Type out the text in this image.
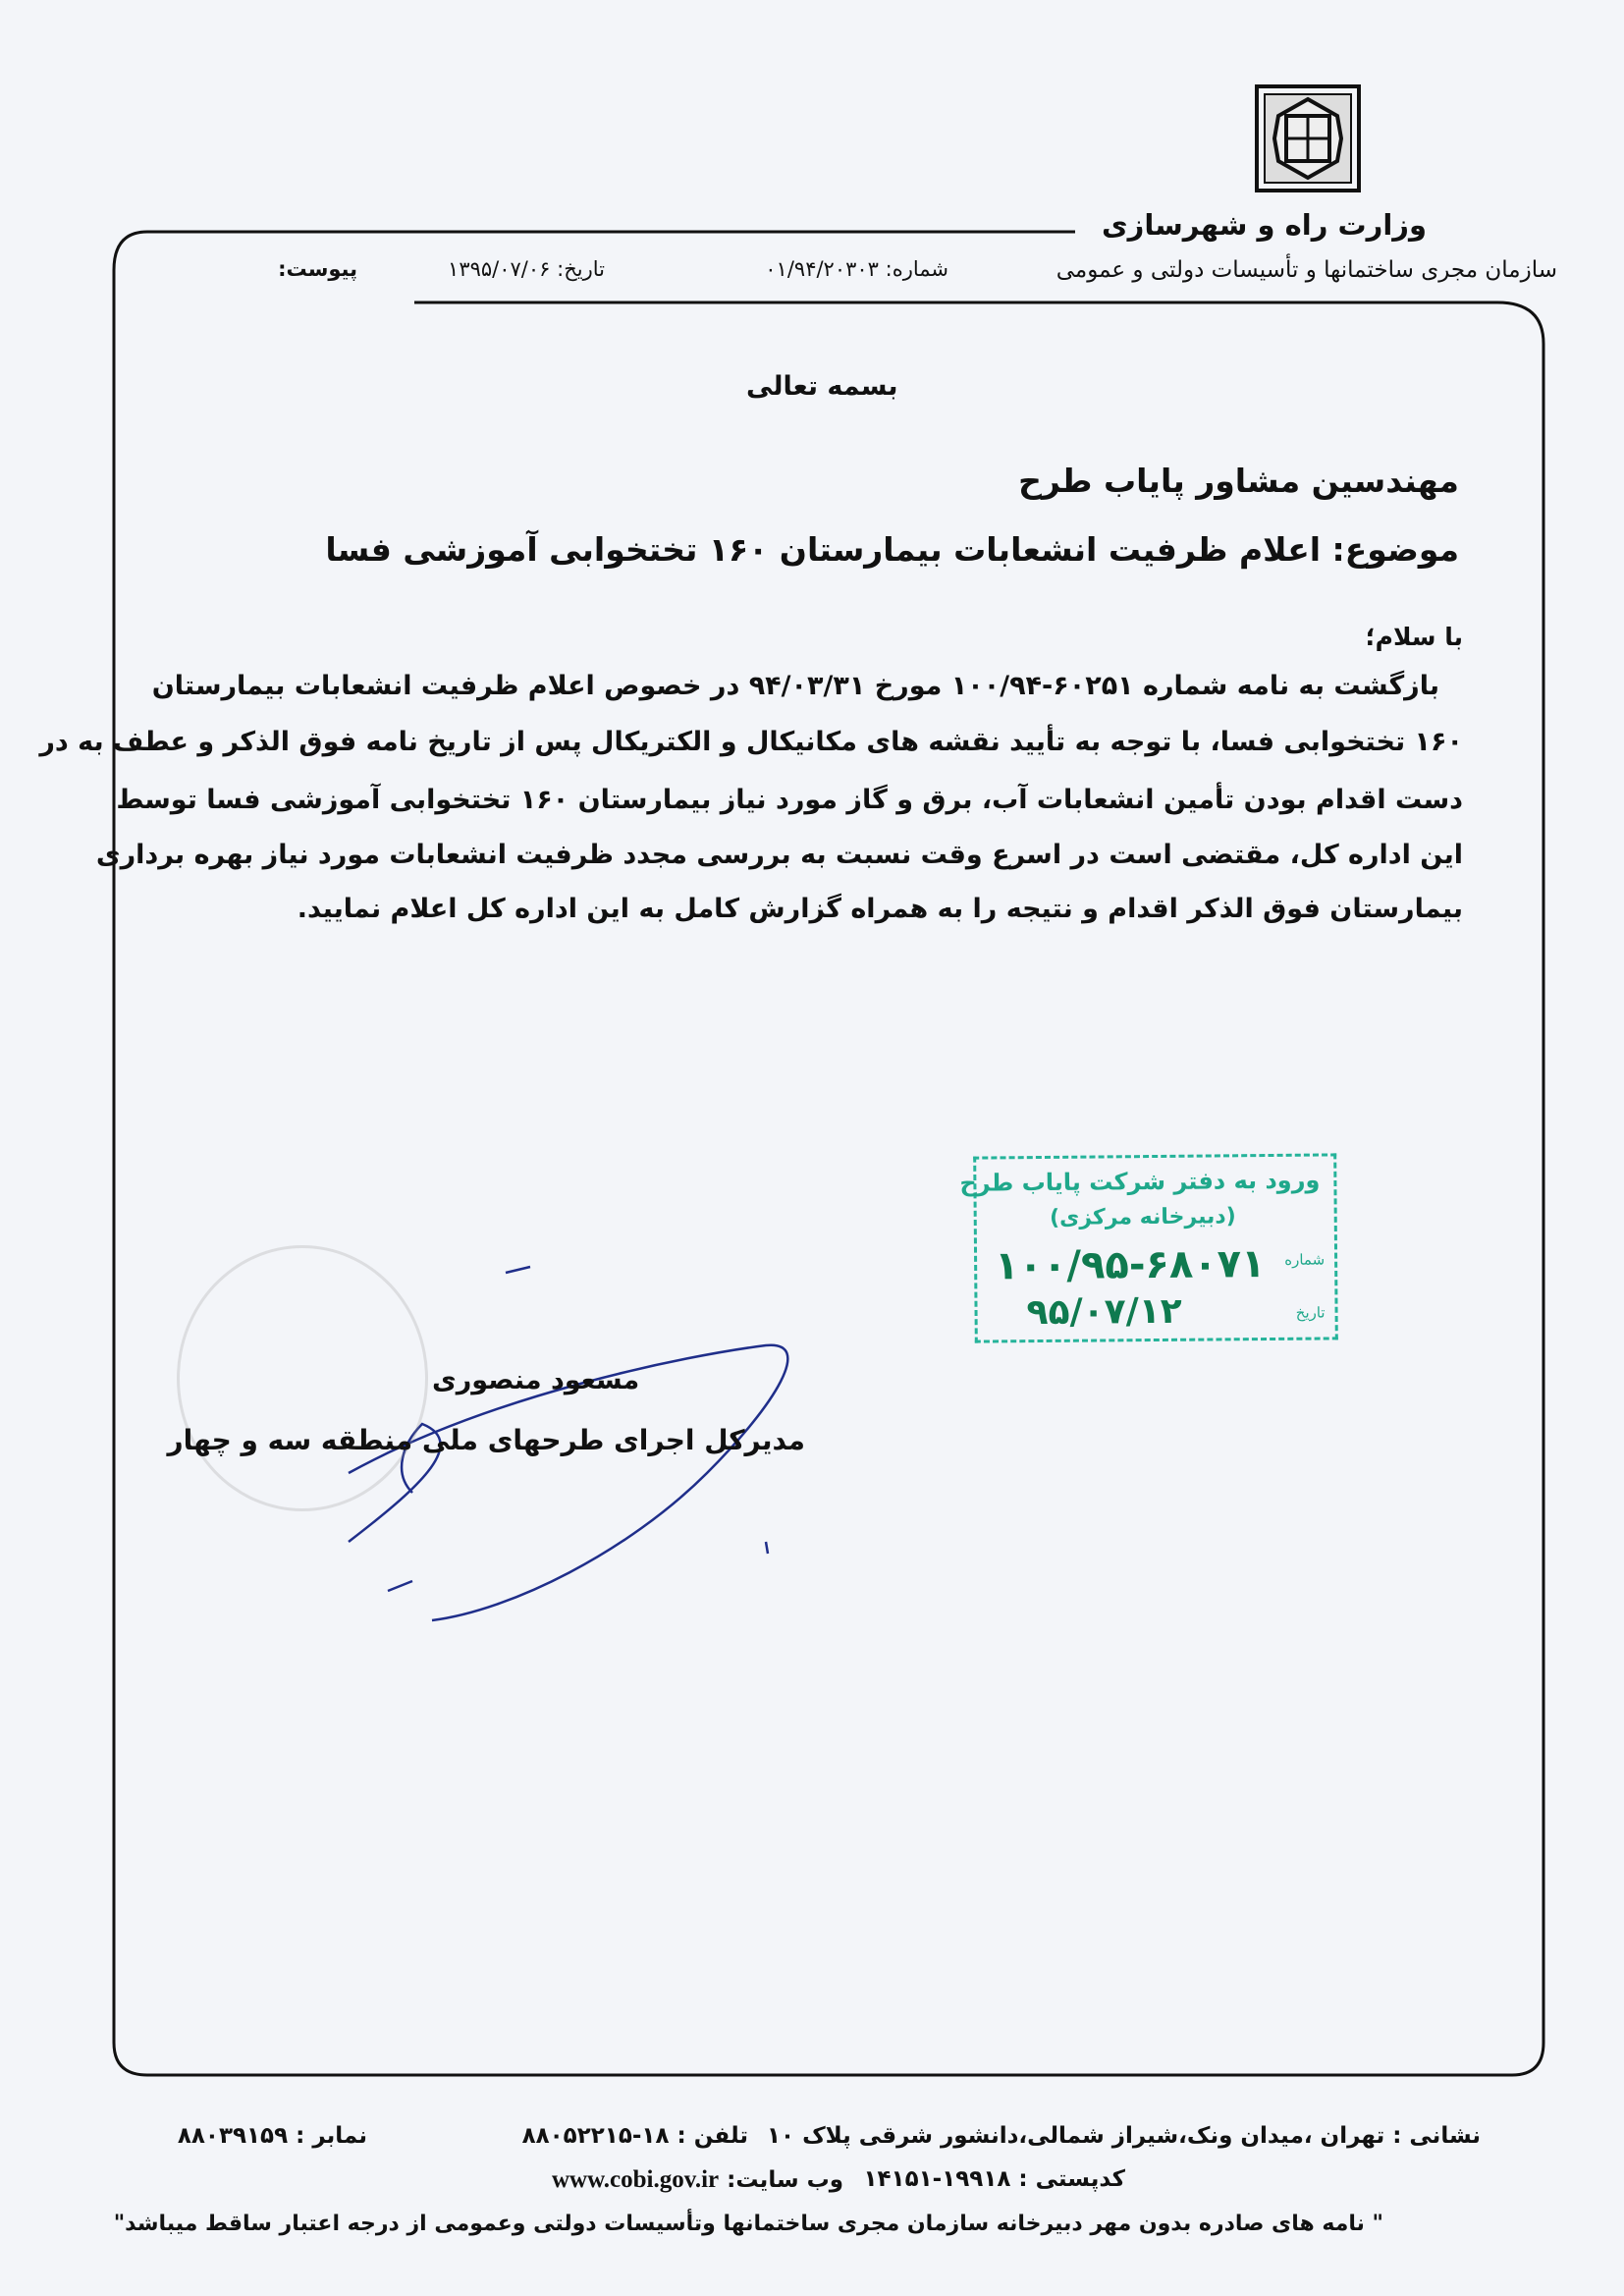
وزارت راه و شهرسازی
سازمان مجری ساختمانها و تأسیسات دولتی و عمومی
شماره: ۰۱/۹۴/۲۰۳۰۳
تاریخ: ۱۳۹۵/۰۷/۰۶
پیوست:
بسمه تعالی
مهندسین مشاور پایاب طرح
موضوع: اعلام ظرفیت انشعابات بیمارستان ۱۶۰ تختخوابی آموزشی فسا
با سلام؛
بازگشت به نامه شماره ۶۰۲۵۱-۱۰۰/۹۴ مورخ ۹۴/۰۳/۳۱ در خصوص اعلام ظرفیت انشعابات بیمارستان
۱۶۰ تختخوابی فسا، با توجه به تأیید نقشه های مکانیکال و الکتریکال پس از تاریخ نامه فوق الذکر و عطف به در
دست اقدام بودن تأمین انشعابات آب، برق و گاز مورد نیاز بیمارستان ۱۶۰ تختخوابی آموزشی فسا توسط
این اداره کل، مقتضی است در اسرع وقت نسبت به بررسی مجدد ظرفیت انشعابات مورد نیاز بهره برداری
بیمارستان فوق الذکر اقدام و نتیجه را به همراه گزارش کامل به این اداره کل اعلام نمایید.
ورود به دفتر شرکت پایاب طرح
(دبیرخانه مرکزی)
شماره
تاریخ
۱۰۰/۹۵-۶۸۰۷۱
۹۵/۰۷/۱۲
مسعود منصوری
مدیرکل اجرای طرحهای ملی منطقه سه و چهار
نشانی : تهران ،میدان ونک،شیراز شمالی،دانشور شرقی پلاک ۱۰
تلفن : ۱۸-۸۸۰۵۲۲۱۵
نمابر : ۸۸۰۳۹۱۵۹
کدپستی : ۱۹۹۱۸-۱۴۱۵۱
وب سایت: www.cobi.gov.ir
" نامه های صادره بدون مهر دبیرخانه سازمان مجری ساختمانها وتأسیسات دولتی وعمومی از درجه اعتبار ساقط میباشد"
